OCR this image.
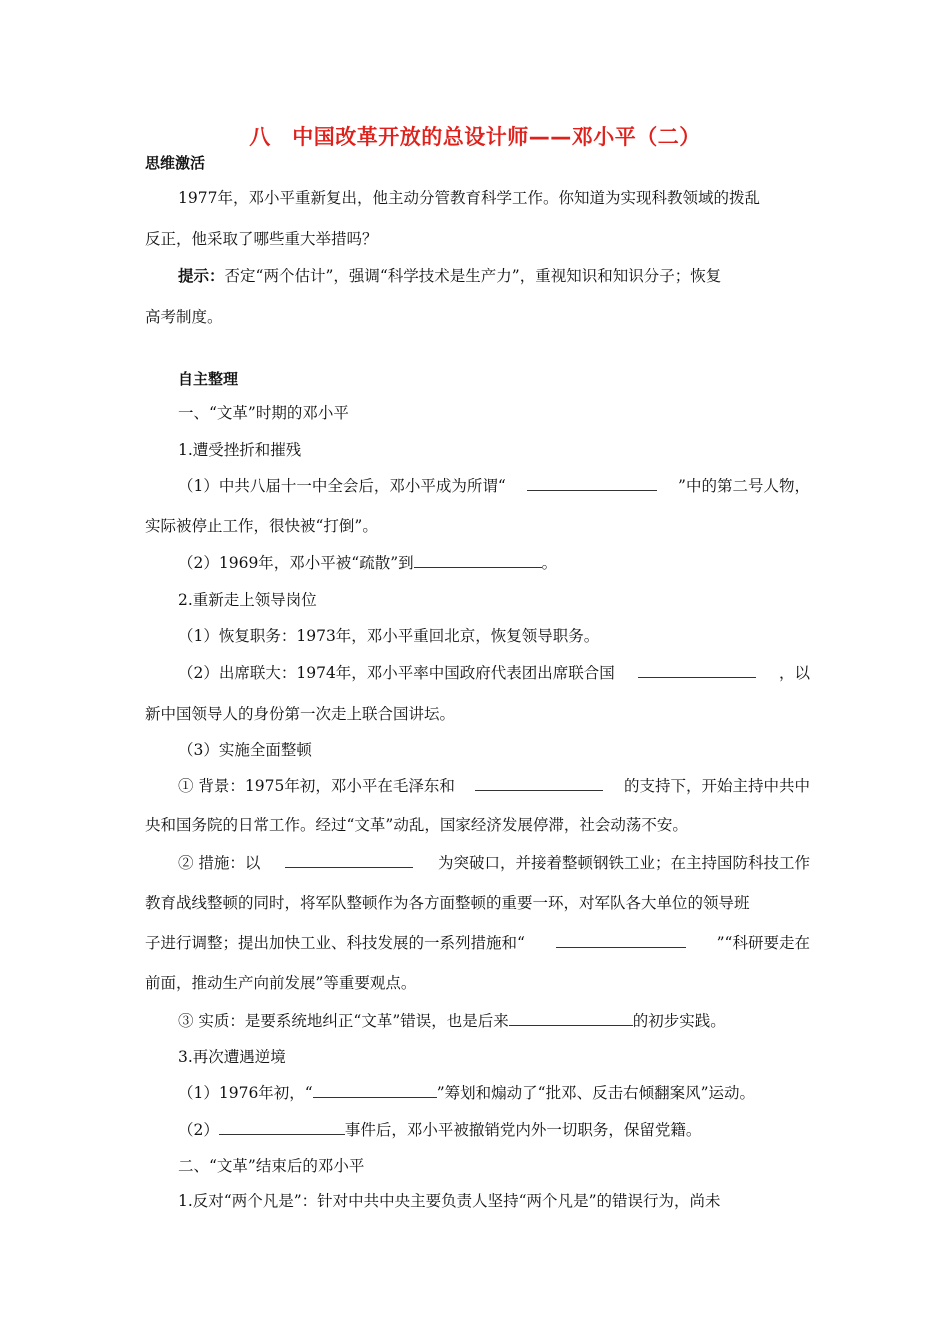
八　中国改革开放的总设计师——邓小平（二）
思维激活
1977年，邓小平重新复出，他主动分管教育科学工作。你知道为实现科教领域的拨乱
反正，他采取了哪些重大举措吗？
提示：否定“两个估计”，强调“科学技术是生产力”，重视知识和知识分子；恢复
高考制度。
自主整理
一、“文革”时期的邓小平
1.遭受挫折和摧残
（1）中共八届十一中全会后，邓小平成为所谓“	”中的第二号人物，
实际被停止工作，很快被“打倒”。
（2）1969年，邓小平被“疏散”到	。
2.重新走上领导岗位
（1）恢复职务：1973年，邓小平重回北京，恢复领导职务。
（2）出席联大：1974年，邓小平率中国政府代表团出席联合国	，以
新中国领导人的身份第一次走上联合国讲坛。
（3）实施全面整顿
① 背景：1975年初，邓小平在毛泽东和	的支持下，开始主持中共中
央和国务院的日常工作。经过“文革”动乱，国家经济发展停滞，社会动荡不安。
② 措施：以	为突破口，并接着整顿钢铁工业；在主持国防科技工作
教育战线整顿的同时，将军队整顿作为各方面整顿的重要一环，对军队各大单位的领导班
子进行调整；提出加快工业、科技发展的一系列措施和“	”“科研要走在
前面，推动生产向前发展”等重要观点。
③ 实质：是要系统地纠正“文革”错误，也是后来	的初步实践。
3.再次遭遇逆境
（1）1976年初，“	”筹划和煽动了“批邓、反击右倾翻案风”运动。
（2）	事件后，邓小平被撤销党内外一切职务，保留党籍。
二、“文革”结束后的邓小平
1.反对“两个凡是”：针对中共中央主要负责人坚持“两个凡是”的错误行为，尚未
